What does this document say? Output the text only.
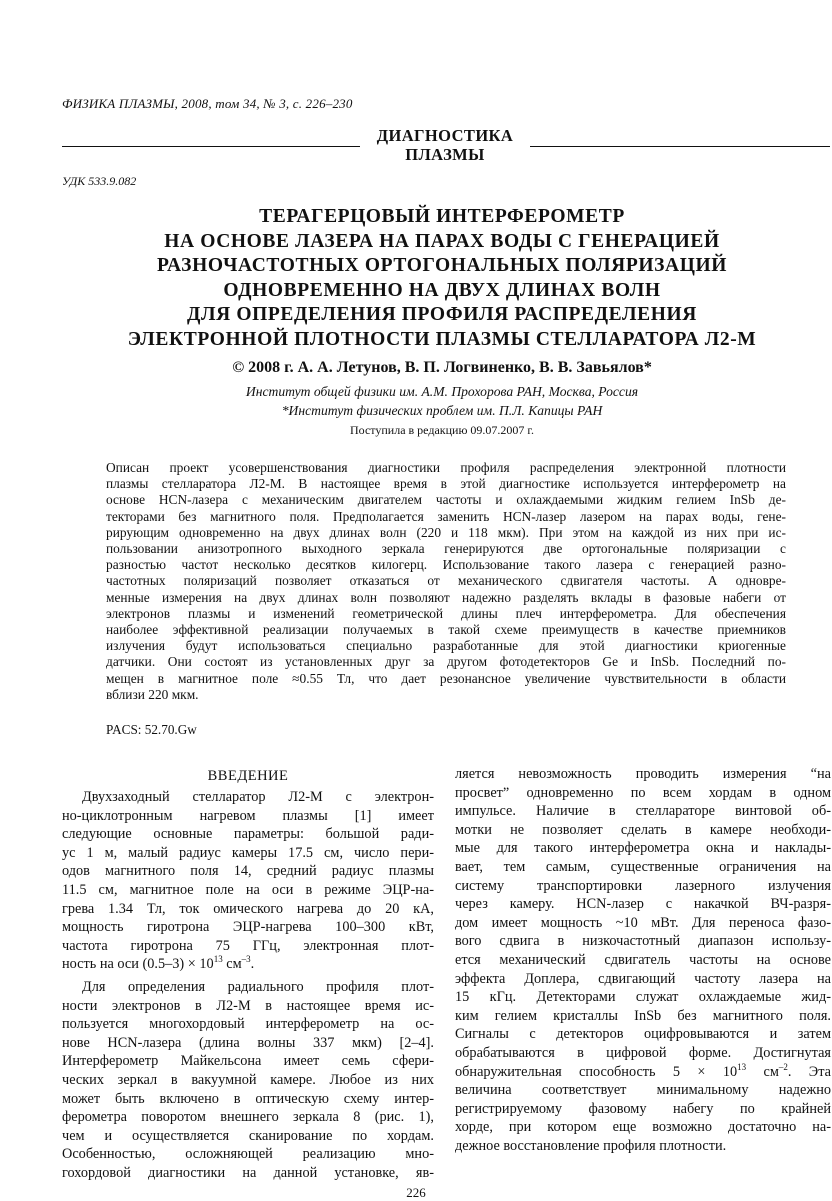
ФИЗИКА ПЛАЗМЫ, 2008, том 34, № 3, с. 226–230
ДИАГНОСТИКА
ПЛАЗМЫ
УДК 533.9.082
ТЕРАГЕРЦОВЫЙ ИНТЕРФЕРОМЕТР
НА ОСНОВЕ ЛАЗЕРА НА ПАРАХ ВОДЫ С ГЕНЕРАЦИЕЙ
РАЗНОЧАСТОТНЫХ ОРТОГОНАЛЬНЫХ ПОЛЯРИЗАЦИЙ
ОДНОВРЕМЕННО НА ДВУХ ДЛИНАХ ВОЛН
ДЛЯ ОПРЕДЕЛЕНИЯ ПРОФИЛЯ РАСПРЕДЕЛЕНИЯ
ЭЛЕКТРОННОЙ ПЛОТНОСТИ ПЛАЗМЫ СТЕЛЛАРАТОРА Л2-М
© 2008 г. А. А. Летунов, В. П. Логвиненко, В. В. Завьялов*
Институт общей физики им. А.М. Прохорова РАН, Москва, Россия
*Институт физических проблем им. П.Л. Капицы РАН
Поступила в редакцию 09.07.2007 г.
Описан проект усовершенствования диагностики профиля распределения электронной плотности
плазмы стелларатора Л2-М. В настоящее время в этой диагностике используется интерферометр на
основе HCN-лазера с механическим двигателем частоты и охлаждаемыми жидким гелием InSb де-
текторами без магнитного поля. Предполагается заменить HCN-лазер лазером на парах воды, гене-
рирующим одновременно на двух длинах волн (220 и 118 мкм). При этом на каждой из них при ис-
пользовании анизотропного выходного зеркала генерируются две ортогональные поляризации с
разностью частот несколько десятков килогерц. Использование такого лазера с генерацией разно-
частотных поляризаций позволяет отказаться от механического сдвигателя частоты. А одновре-
менные измерения на двух длинах волн позволяют надежно разделять вклады в фазовые набеги от
электронов плазмы и изменений геометрической длины плеч интерферометра. Для обеспечения
наиболее эффективной реализации получаемых в такой схеме преимуществ в качестве приемников
излучения будут использоваться специально разработанные для этой диагностики криогенные
датчики. Они состоят из установленных друг за другом фотодетекторов Ge и InSb. Последний по-
мещен в магнитное поле ≈0.55 Тл, что дает резонансное увеличение чувствительности в области
вблизи 220 мкм.
PACS: 52.70.Gw
ВВЕДЕНИЕ
Двухзаходный стелларатор Л2-М с электрон-
но-циклотронным нагревом плазмы [1] имеет
следующие основные параметры: большой ради-
ус 1 м, малый радиус камеры 17.5 см, число пери-
одов магнитного поля 14, средний радиус плазмы
11.5 см, магнитное поле на оси в режиме ЭЦР-на-
грева 1.34 Тл, ток омического нагрева до 20 кА,
мощность гиротрона ЭЦР-нагрева 100–300 кВт,
частота гиротрона 75 ГГц, электронная плот-
ность на оси $(0.5-3) \times 10^{13}$ $см^{-3}$.
Для определения радиального профиля плот-
ности электронов в Л2-М в настоящее время ис-
пользуется многохордовый интерферометр на ос-
нове HCN-лазера (длина волны 337 мкм) [2–4].
Интерферометр Майкельсона имеет семь сфери-
ческих зеркал в вакуумной камере. Любое из них
может быть включено в оптическую схему интер-
ферометра поворотом внешнего зеркала 8 (рис. 1),
чем и осуществляется сканирование по хордам.
Особенностью, осложняющей реализацию мно-
гохордовой диагностики на данной установке, яв-
ляется невозможность проводить измерения “на
просвет” одновременно по всем хордам в одном
импульсе. Наличие в стеллараторе винтовой об-
мотки не позволяет сделать в камере необходи-
мые для такого интерферометра окна и наклады-
вает, тем самым, существенные ограничения на
систему транспортировки лазерного излучения
через камеру. HCN-лазер с накачкой ВЧ-разря-
дом имеет мощность ~10 мВт. Для переноса фазо-
вого сдвига в низкочастотный диапазон использу-
ется механический сдвигатель частоты на основе
эффекта Доплера, сдвигающий частоту лазера на
15 кГц. Детекторами служат охлаждаемые жид-
ким гелием кристаллы InSb без магнитного поля.
Сигналы с детекторов оцифровываются и затем
обрабатываются в цифровой форме. Достигнутая
обнаружительная способность $5 \times 10^{13}$ $см^{-2}$. Эта
величина соответствует минимальному надежно
регистрируемому фазовому набегу по крайней
хорде, при котором еще возможно достаточно на-
дежное восстановление профиля плотности.
226
